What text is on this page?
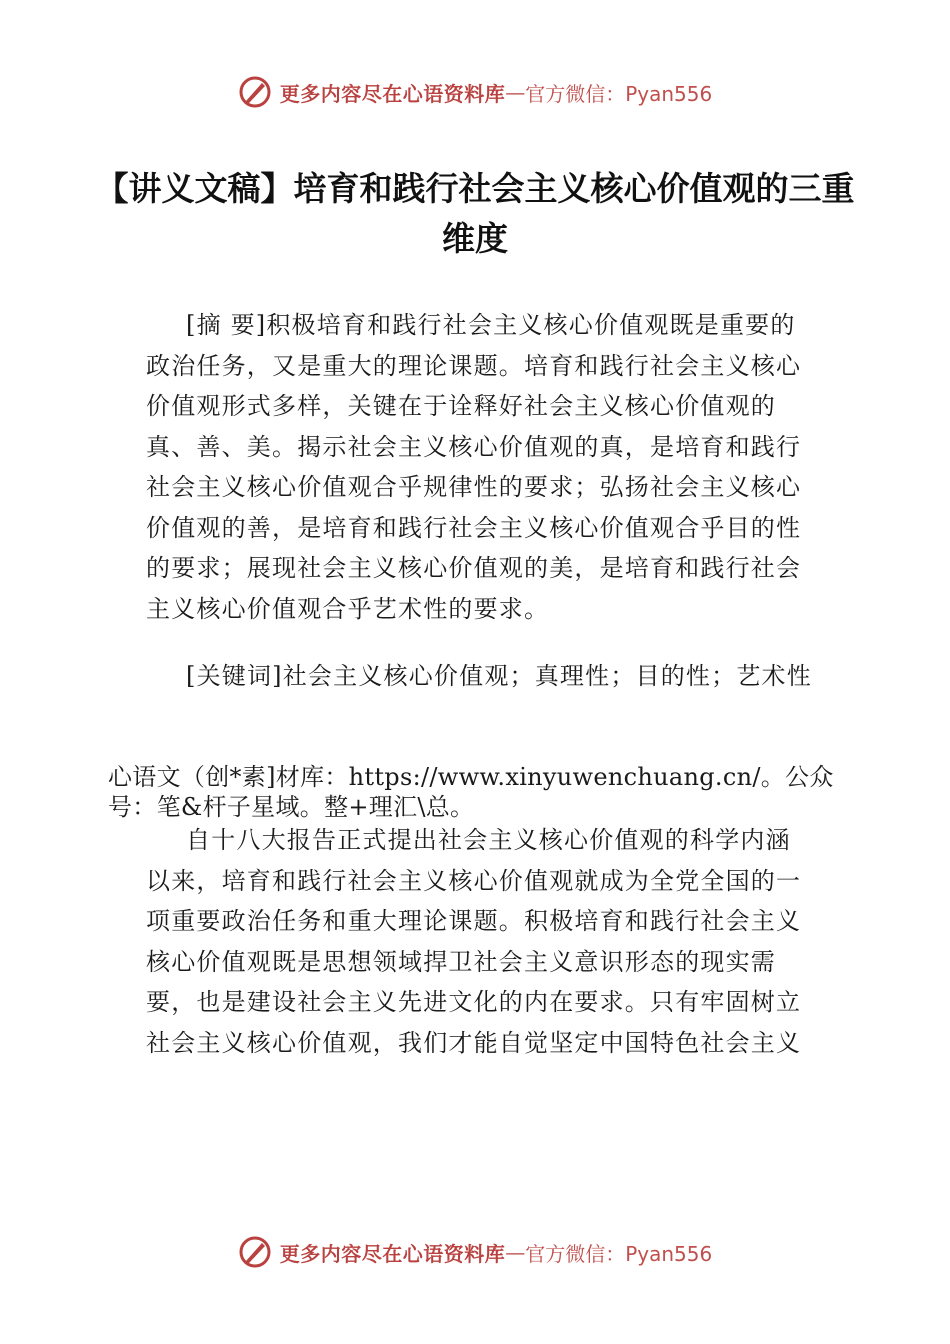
更多内容尽在心语资料库 — 官方微信：Pyan556
【讲义文稿】培育和践行社会主义核心价值观的三重维度

[摘 要]积极培育和践行社会主义核心价值观既是重要的政治任务，又是重大的理论课题。培育和践行社会主义核心价值观形式多样，关键在于诠释好社会主义核心价值观的真、善、美。揭示社会主义核心价值观的真，是培育和践行社会主义核心价值观合乎规律性的要求；弘扬社会主义核心价值观的善，是培育和践行社会主义核心价值观合乎目的性的要求；展现社会主义核心价值观的美，是培育和践行社会主义核心价值观合乎艺术性的要求。

[关键词]社会主义核心价值观；真理性；目的性；艺术性

心语文（创*素]材库：https://www.xinyuwenchuang.cn/。公众号：笔&杆子星域。整+理汇\总。

自十八大报告正式提出社会主义核心价值观的科学内涵以来，培育和践行社会主义核心价值观就成为全党全国的一项重要政治任务和重大理论课题。积极培育和践行社会主义核心价值观既是思想领域捍卫社会主义意识形态的现实需要，也是建设社会主义先进文化的内在要求。只有牢固树立社会主义核心价值观，我们才能自觉坚定中国特色社会主义

更多内容尽在心语资料库 — 官方微信：Pyan556
